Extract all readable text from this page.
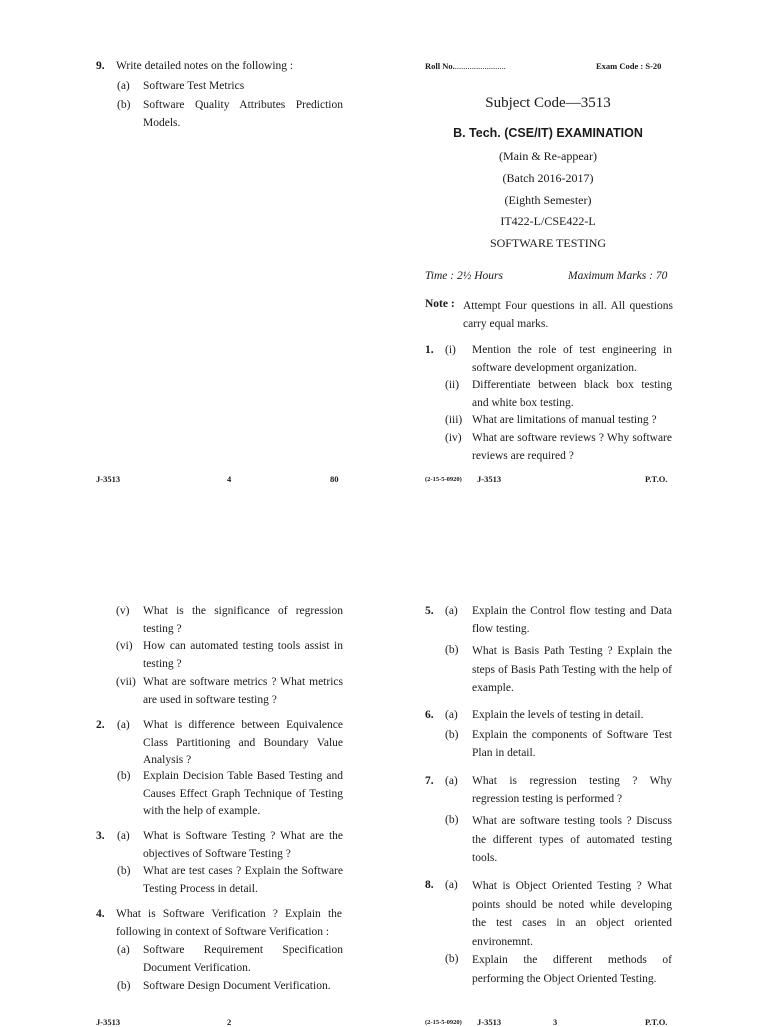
9. Write detailed notes on the following :
(a) Software Test Metrics
(b) Software Quality Attributes Prediction Models.
J-3513	4	80
Roll No.........................	Exam Code : S-20
Subject Code—3513
B. Tech. (CSE/IT) EXAMINATION
(Main & Re-appear)
(Batch 2016-2017)
(Eighth Semester)
IT422-L/CSE422-L
SOFTWARE TESTING
Time : 2½ Hours	Maximum Marks : 70
Note : Attempt Four questions in all. All questions carry equal marks.
1. (i) Mention the role of test engineering in software development organization.
(ii) Differentiate between black box testing and white box testing.
(iii) What are limitations of manual testing ?
(iv) What are software reviews ? Why software reviews are required ?
(2-15-5-0920) J-3513	P.T.O.
(v) What is the significance of regression testing ?
(vi) How can automated testing tools assist in testing ?
(vii) What are software metrics ? What metrics are used in software testing ?
2. (a) What is difference between Equivalence Class Partitioning and Boundary Value Analysis ?
(b) Explain Decision Table Based Testing and Causes Effect Graph Technique of Testing with the help of example.
3. (a) What is Software Testing ? What are the objectives of Software Testing ?
(b) What are test cases ? Explain the Software Testing Process in detail.
4. What is Software Verification ? Explain the following in context of Software Verification :
(a) Software Requirement Specification Document Verification.
(b) Software Design Document Verification.
J-3513	2
5. (a) Explain the Control flow testing and Data flow testing.
(b) What is Basis Path Testing ? Explain the steps of Basis Path Testing with the help of example.
6. (a) Explain the levels of testing in detail.
(b) Explain the components of Software Test Plan in detail.
7. (a) What is regression testing ? Why regression testing is performed ?
(b) What are software testing tools ? Discuss the different types of automated testing tools.
8. (a) What is Object Oriented Testing ? What points should be noted while developing the test cases in an object oriented environemnt.
(b) Explain the different methods of performing the Object Oriented Testing.
(2-15-5-0920) J-3513	3	P.T.O.
